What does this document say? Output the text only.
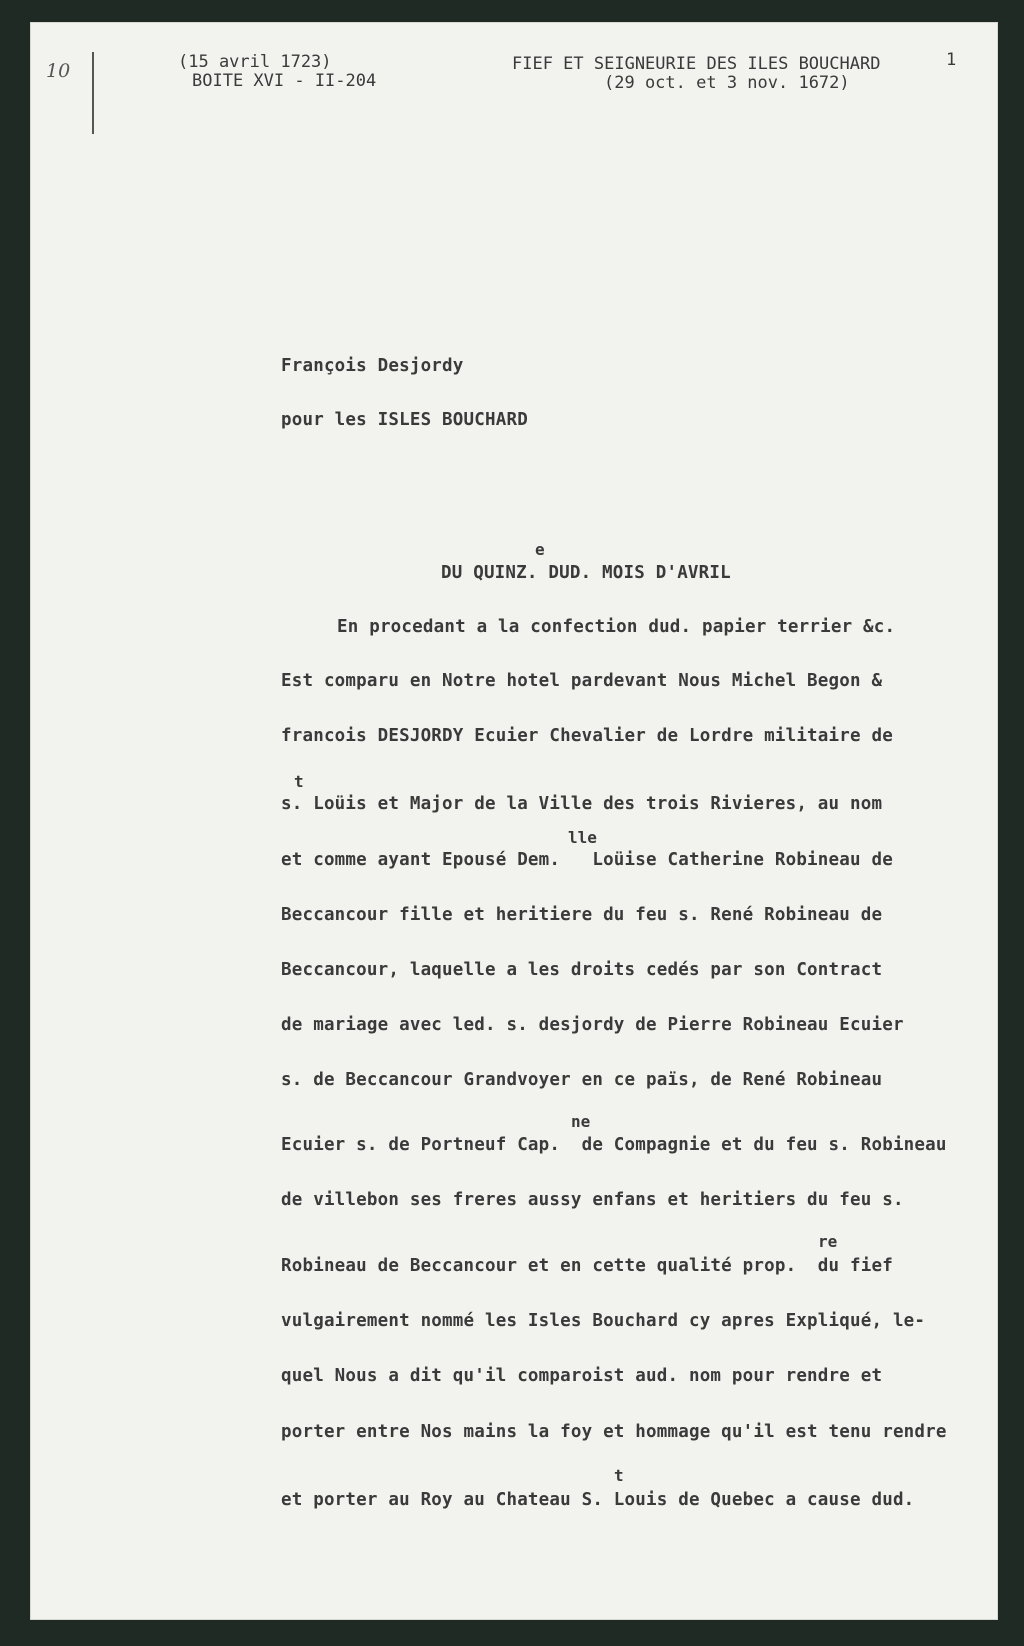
10	(15 avril 1723)
BOITE XVI - II-204
FIEF ET SEIGNEURIE DES ILES BOUCHARD
(29 oct. et 3 nov. 1672)
1
François Desjordy
pour les ISLES BOUCHARD
e
DU QUINZ. DUD. MOIS D'AVRIL
En procedant a la confection dud. papier terrier &c.
Est comparu en Notre hotel pardevant Nous Michel Begon &
francois DESJORDY Ecuier Chevalier de Lordre militaire de
t
s. Loüis et Major de la Ville des trois Rivieres, au nom
lle
et comme ayant Epousé Dem.   Loüise Catherine Robineau de
Beccancour fille et heritiere du feu s. René Robineau de
Beccancour, laquelle a les droits cedés par son Contract
de mariage avec led. s. desjordy de Pierre Robineau Ecuier
s. de Beccancour Grandvoyer en ce païs, de René Robineau
ne
Ecuier s. de Portneuf Cap.  de Compagnie et du feu s. Robineau
de villebon ses freres aussy enfans et heritiers du feu s.
re
Robineau de Beccancour et en cette qualité prop.  du fief
vulgairement nommé les Isles Bouchard cy apres Expliqué, le-
quel Nous a dit qu'il comparoist aud. nom pour rendre et
porter entre Nos mains la foy et hommage qu'il est tenu rendre
t
et porter au Roy au Chateau S. Louis de Quebec a cause dud.
